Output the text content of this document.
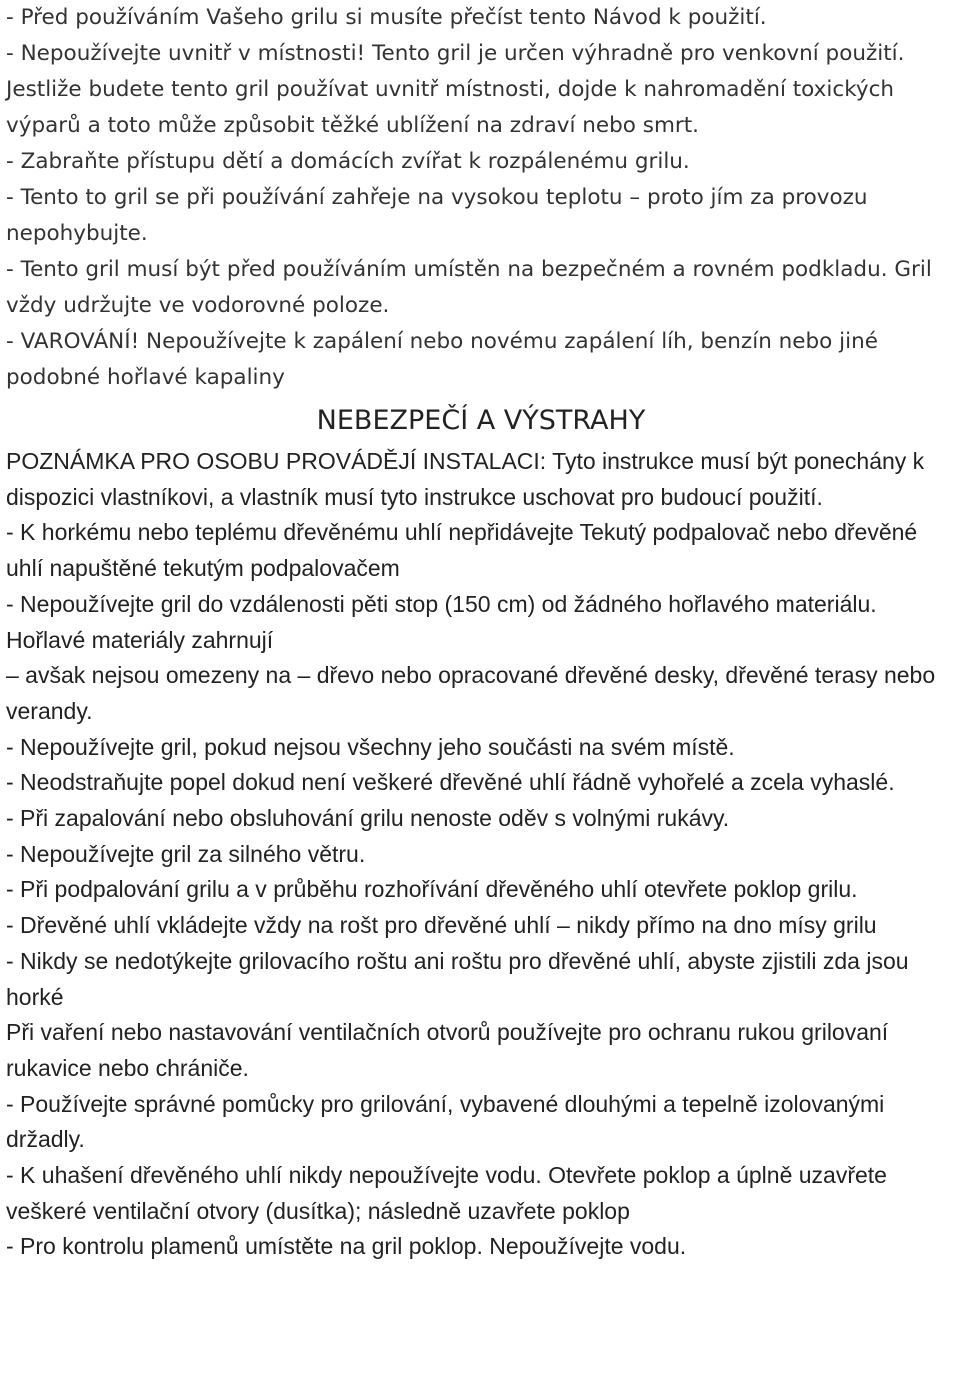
- Před používáním Vašeho grilu si musíte přečíst tento Návod k použití.

- Nepoužívejte uvnitř v místnosti! Tento gril je určen výhradně pro venkovní použití. Jestliže budete tento gril používat uvnitř místnosti, dojde k nahromadění toxických výparů a toto může způsobit těžké ublížení na zdraví nebo smrt.

- Zabraňte přístupu dětí a domácích zvířat k rozpálenému grilu.

- Tento to gril se při používání zahřeje na vysokou teplotu – proto jím za provozu nepohybujte.

- Tento gril musí být před používáním umístěn na bezpečném a rovném podkladu. Gril vždy udržujte ve vodorovné poloze.

- VAROVÁNÍ! Nepoužívejte k zapálení nebo novému zapálení líh, benzín nebo jiné podobné hořlavé kapaliny

NEBEZPEČÍ A VÝSTRAHY

POZNÁMKA PRO OSOBU PROVÁDĚJÍ INSTALACI: Tyto instrukce musí být ponechány k dispozici vlastníkovi, a vlastník musí tyto instrukce uschovat pro budoucí použití.

- K horkému nebo teplému dřevěnému uhlí nepřidávejte Tekutý podpalovač nebo dřevěné uhlí napuštěné tekutým podpalovačem

- Nepoužívejte gril do vzdálenosti pěti stop (150 cm) od žádného hořlavého materiálu. Hořlavé materiály zahrnují

– avšak nejsou omezeny na – dřevo nebo opracované dřevěné desky, dřevěné terasy nebo verandy.

- Nepoužívejte gril, pokud nejsou všechny jeho součásti na svém místě.

- Neodstraňujte popel dokud není veškeré dřevěné uhlí řádně vyhořelé a zcela vyhaslé.

- Při zapalování nebo obsluhování grilu nenoste oděv s volnými rukávy.

- Nepoužívejte gril za silného větru.

- Při podpalování grilu a v průběhu rozhořívání dřevěného uhlí otevřete poklop grilu.

- Dřevěné uhlí vkládejte vždy na rošt pro dřevěné uhlí – nikdy přímo na dno mísy grilu

- Nikdy se nedotýkejte grilovacího roštu ani roštu pro dřevěné uhlí, abyste zjistili zda jsou horké

Při vaření nebo nastavování ventilačních otvorů používejte pro ochranu rukou grilovaní rukavice nebo chrániče.

- Používejte správné pomůcky pro grilování, vybavené dlouhými a tepelně izolovanými držadly.

- K uhašení dřevěného uhlí nikdy nepoužívejte vodu. Otevřete poklop a úplně uzavřete veškeré ventilační otvory (dusítka); následně uzavřete poklop

- Pro kontrolu plamenů umístěte na gril poklop. Nepoužívejte vodu.
